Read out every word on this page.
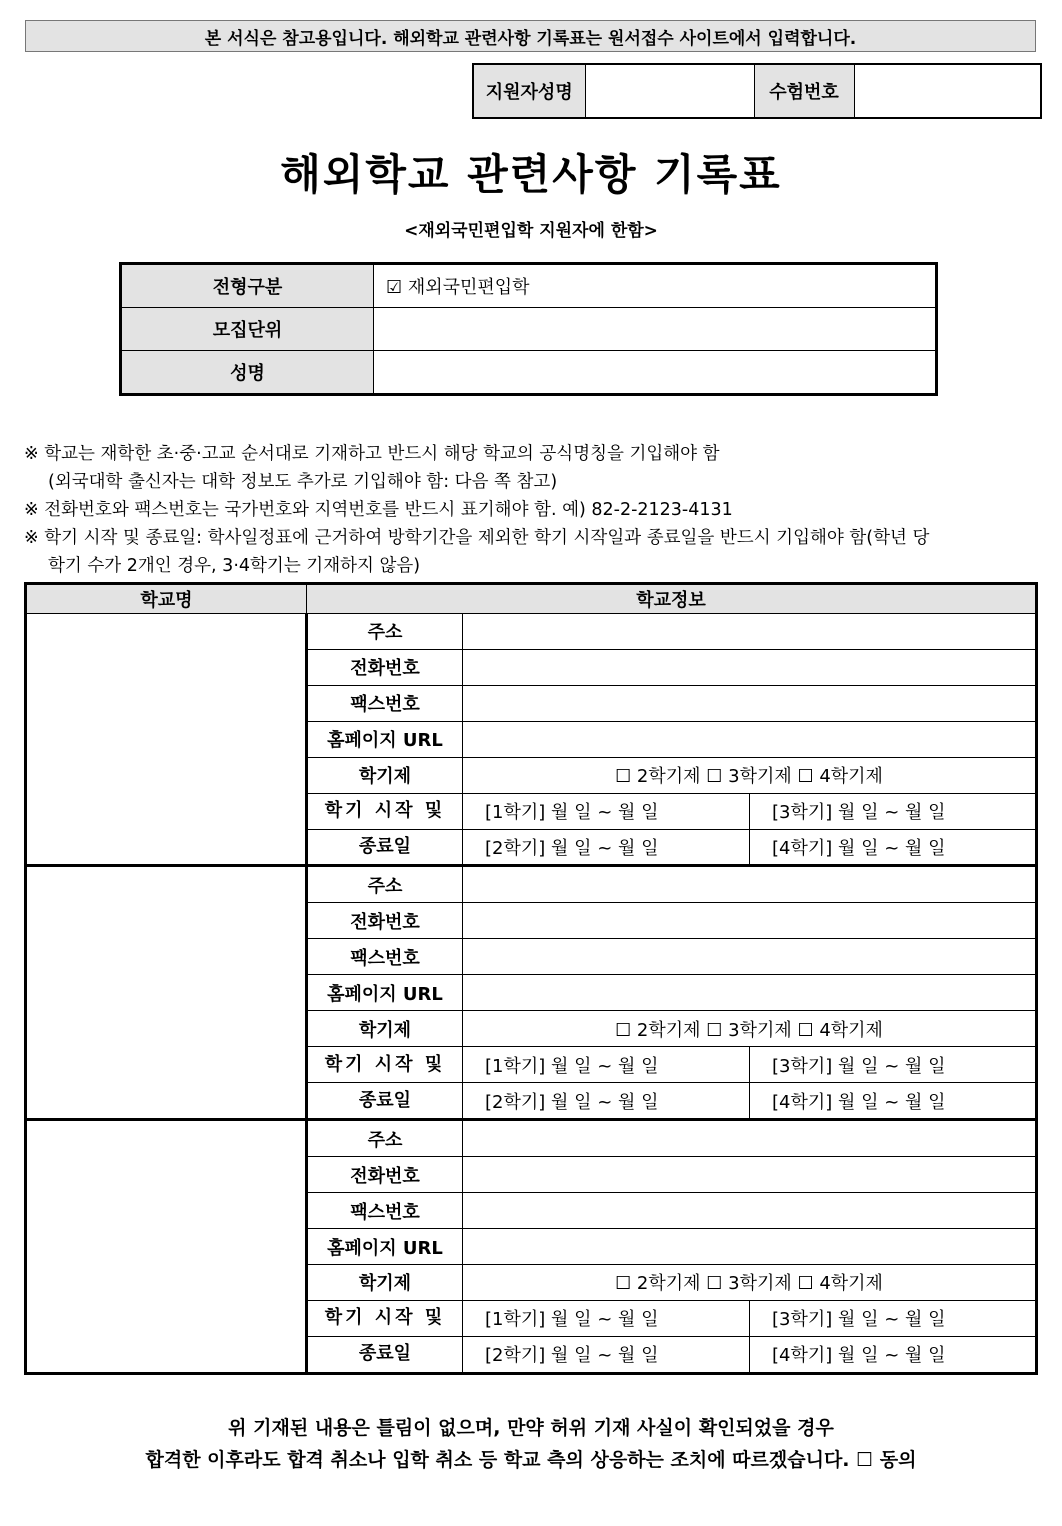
본 서식은 참고용입니다. 해외학교 관련사항 기록표는 원서접수 사이트에서 입력합니다.
지원자성명		수험번호	
해외학교 관련사항 기록표
<재외국민편입학 지원자에 한함>
전형구분	☑ 재외국민편입학
모집단위	
성명	

※ 학교는 재학한 초·중·고교 순서대로 기재하고 반드시 해당 학교의 공식명칭을 기입해야 함

(외국대학 출신자는 대학 정보도 추가로 기입해야 함: 다음 쪽 참고)

※ 전화번호와 팩스번호는 국가번호와 지역번호를 반드시 표기해야 함. 예) 82-2-2123-4131

※ 학기 시작 및 종료일: 학사일정표에 근거하여 방학기간을 제외한 학기 시작일과 종료일을 반드시 기입해야 함(학년 당

학기 수가 2개인 경우, 3·4학기는 기재하지 않음)

학교명	학교정보		
	주소		
	전화번호		
	팩스번호		
	홈페이지 URL		
	학기제	☐ 2학기제 ☐ 3학기제 ☐ 4학기제	
	학기 시작 및	[1학기] 월 일 ~ 월 일	[3학기] 월 일 ~ 월 일
	종료일	[2학기] 월 일 ~ 월 일	[4학기] 월 일 ~ 월 일
	주소		
	전화번호		
	팩스번호		
	홈페이지 URL		
	학기제	☐ 2학기제 ☐ 3학기제 ☐ 4학기제	
	학기 시작 및	[1학기] 월 일 ~ 월 일	[3학기] 월 일 ~ 월 일
	종료일	[2학기] 월 일 ~ 월 일	[4학기] 월 일 ~ 월 일
	주소		
	전화번호		
	팩스번호		
	홈페이지 URL		
	학기제	☐ 2학기제 ☐ 3학기제 ☐ 4학기제	
	학기 시작 및	[1학기] 월 일 ~ 월 일	[3학기] 월 일 ~ 월 일
	종료일	[2학기] 월 일 ~ 월 일	[4학기] 월 일 ~ 월 일

위 기재된 내용은 틀림이 없으며, 만약 허위 기재 사실이 확인되었을 경우

합격한 이후라도 합격 취소나 입학 취소 등 학교 측의 상응하는 조치에 따르겠습니다. ☐ 동의
